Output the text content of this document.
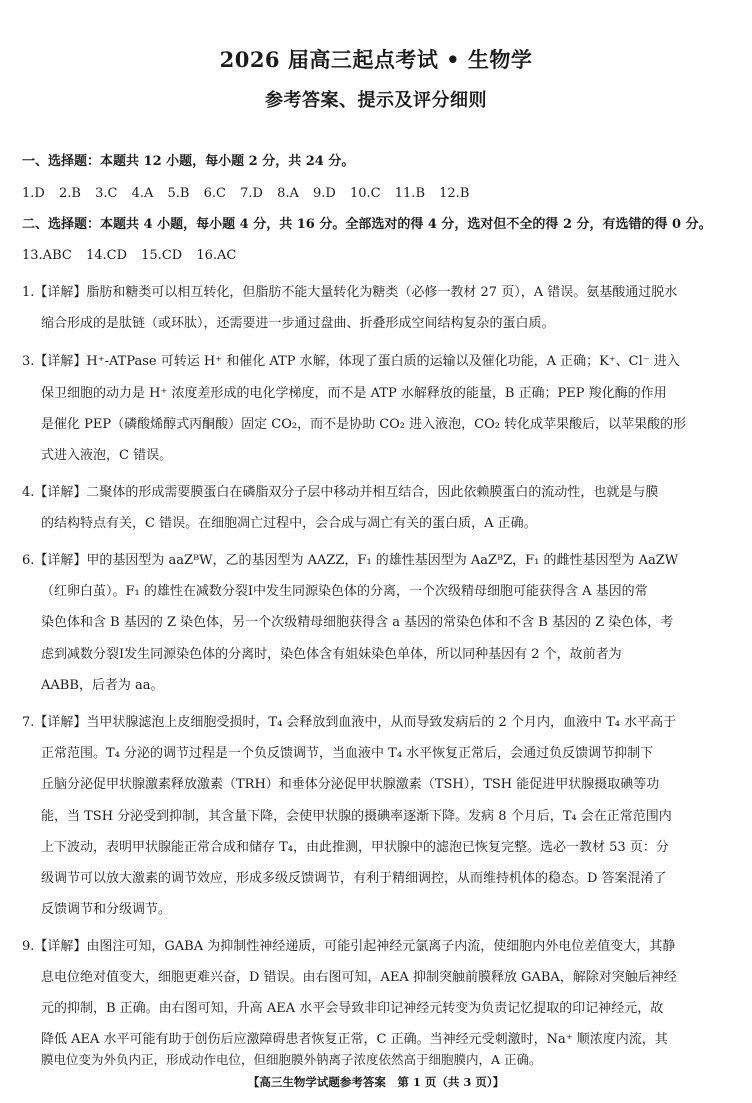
2026 届高三起点考试 • 生物学
参考答案、提示及评分细则
一、选择题：本题共 12 小题，每小题 2 分，共 24 分。
1.D 2.B 3.C 4.A 5.B 6.C 7.D 8.A 9.D 10.C 11.B 12.B
二、选择题：本题共 4 小题，每小题 4 分，共 16 分。全部选对的得 4 分，选对但不全的得 2 分，有选错的得 0 分。
13.ABC 14.CD 15.CD 16.AC
1.【详解】脂肪和糖类可以相互转化，但脂肪不能大量转化为糖类（必修一教材 27 页），A 错误。氨基酸通过脱水
缩合形成的是肽链（或环肽），还需要进一步通过盘曲、折叠形成空间结构复杂的蛋白质。
3.【详解】H⁺-ATPase 可转运 H⁺ 和催化 ATP 水解，体现了蛋白质的运输以及催化功能，A 正确；K⁺、Cl⁻ 进入
保卫细胞的动力是 H⁺ 浓度差形成的电化学梯度，而不是 ATP 水解释放的能量，B 正确；PEP 羧化酶的作用
是催化 PEP（磷酸烯醇式丙酮酸）固定 CO₂，而不是协助 CO₂ 进入液泡，CO₂ 转化成苹果酸后，以苹果酸的形
式进入液泡，C 错误。
4.【详解】二聚体的形成需要膜蛋白在磷脂双分子层中移动并相互结合，因此依赖膜蛋白的流动性，也就是与膜
的结构特点有关，C 错误。在细胞凋亡过程中，会合成与凋亡有关的蛋白质，A 正确。
6.【详解】甲的基因型为 aaZᴮW，乙的基因型为 AAZZ，F₁ 的雄性基因型为 AaZᴮZ，F₁ 的雌性基因型为 AaZW
（红卵白茧）。F₁ 的雄性在减数分裂Ⅰ中发生同源染色体的分离，一个次级精母细胞可能获得含 A 基因的常
染色体和含 B 基因的 Z 染色体，另一个次级精母细胞获得含 a 基因的常染色体和不含 B 基因的 Z 染色体，考
虑到减数分裂Ⅰ发生同源染色体的分离时，染色体含有姐妹染色单体，所以同种基因有 2 个，故前者为
AABB，后者为 aa。
7.【详解】当甲状腺滤泡上皮细胞受损时，T₄ 会释放到血液中，从而导致发病后的 2 个月内，血液中 T₄ 水平高于
正常范围。T₄ 分泌的调节过程是一个负反馈调节，当血液中 T₄ 水平恢复正常后，会通过负反馈调节抑制下
丘脑分泌促甲状腺激素释放激素（TRH）和垂体分泌促甲状腺激素（TSH），TSH 能促进甲状腺摄取碘等功
能，当 TSH 分泌受到抑制，其含量下降，会使甲状腺的摄碘率逐渐下降。发病 8 个月后，T₄ 会在正常范围内
上下波动，表明甲状腺能正常合成和储存 T₄，由此推测，甲状腺中的滤泡已恢复完整。选必一教材 53 页：分
级调节可以放大激素的调节效应，形成多级反馈调节，有利于精细调控，从而维持机体的稳态。D 答案混淆了
反馈调节和分级调节。
9.【详解】由图注可知，GABA 为抑制性神经递质，可能引起神经元氯离子内流，使细胞内外电位差值变大，其静
息电位绝对值变大，细胞更难兴奋，D 错误。由右图可知，AEA 抑制突触前膜释放 GABA，解除对突触后神经
元的抑制，B 正确。由右图可知，升高 AEA 水平会导致非印记神经元转变为负责记忆提取的印记神经元，故
降低 AEA 水平可能有助于创伤后应激障碍患者恢复正常，C 正确。当神经元受刺激时，Na⁺ 顺浓度内流，其
膜电位变为外负内正，形成动作电位，但细胞膜外钠离子浓度依然高于细胞膜内，A 正确。
【高三生物学试题参考答案　第 1 页（共 3 页）】
